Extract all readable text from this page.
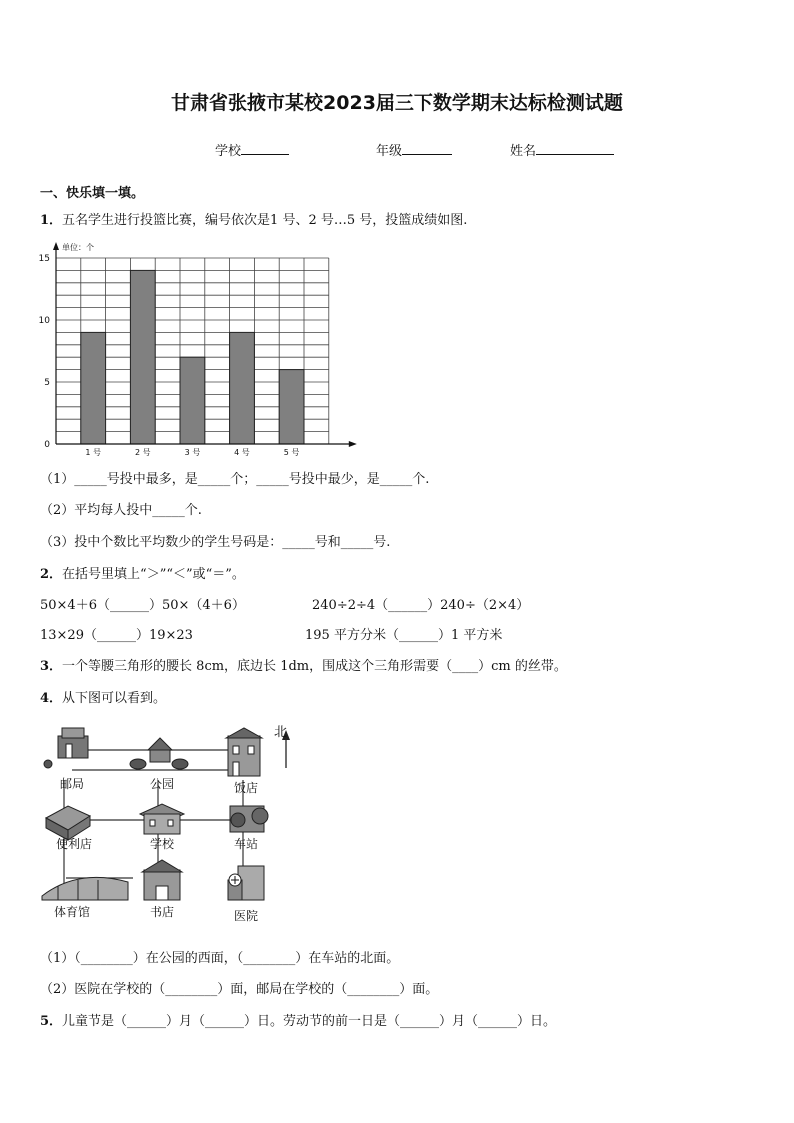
甘肃省张掖市某校2023届三下数学期末达标检测试题
学校	年级	姓名
一、快乐填一填。
1．五名学生进行投篮比赛，编号依次是1 号、2 号…5 号，投篮成绩如图.
1 号	2 号	3 号	4 号	5 号
0
5
10
15
单位：个
（1）_____号投中最多，是_____个；_____号投中最少，是_____个.
（2）平均每人投中_____个.
（3）投中个数比平均数少的学生号码是：_____号和_____号.
2．在括号里填上“＞”“＜”或“＝”。
50×4＋6（______）50×（4＋6）	240÷2÷4（______）240÷（2×4）
13×29（______）19×23	195 平方分米（______）1 平方米
3．一个等腰三角形的腰长 8cm，底边长 1dm，围成这个三角形需要（____）cm 的丝带。
4．从下图可以看到。
北
邮局	公园	饭店
便利店	学校	车站
体育馆	书店	医院
（1）（________）在公园的西面，（________）在车站的北面。
（2）医院在学校的（________）面，邮局在学校的（________）面。
5．儿童节是（______）月（______）日。劳动节的前一日是（______）月（______）日。
